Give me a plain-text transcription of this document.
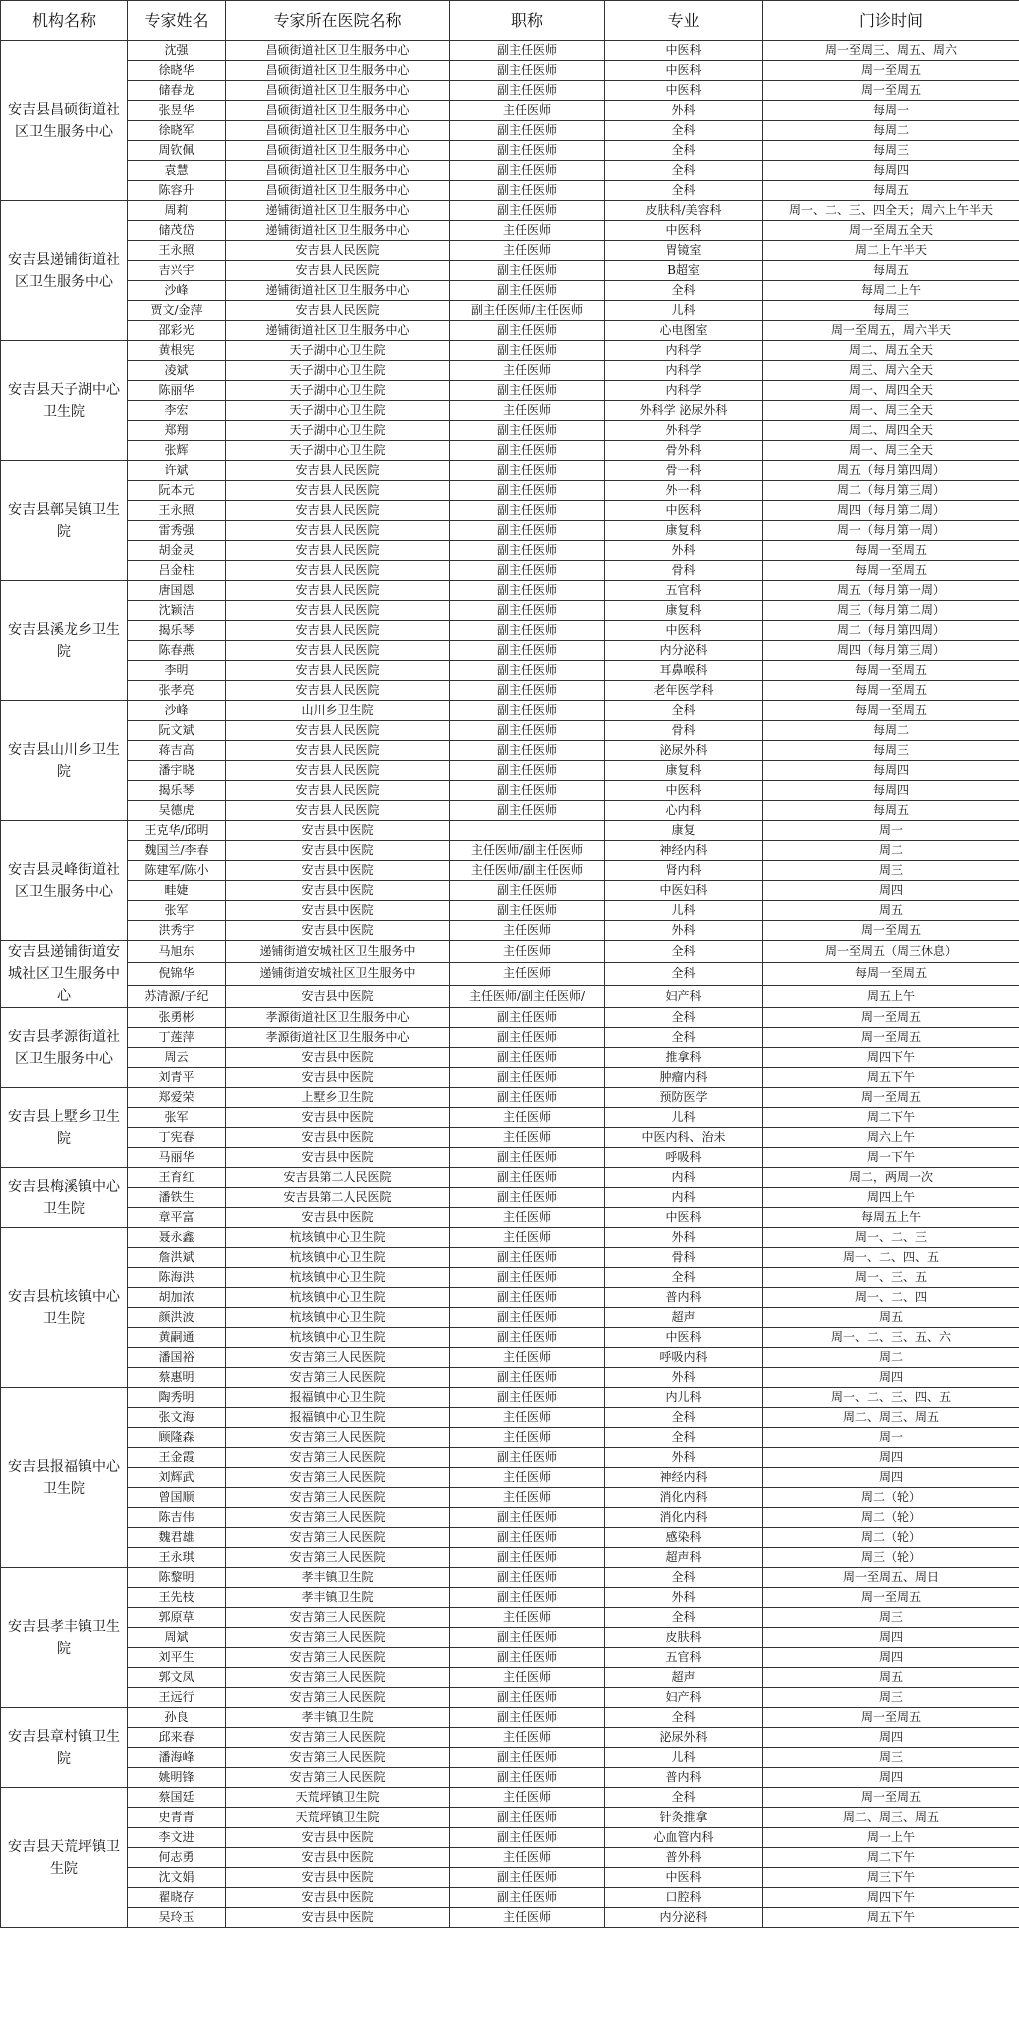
机构名称	专家姓名	专家所在医院名称	职称	专业	门诊时间
安吉县昌硕街道社区卫生服务中心	沈强	昌硕街道社区卫生服务中心	副主任医师	中医科	周一至周三、周五、周六
	徐晓华	昌硕街道社区卫生服务中心	副主任医师	中医科	周一至周五
	储春龙	昌硕街道社区卫生服务中心	副主任医师	中医科	周一至周五
	张昱华	昌硕街道社区卫生服务中心	主任医师	外科	每周一
	徐晓军	昌硕街道社区卫生服务中心	副主任医师	全科	每周二
	周钦佩	昌硕街道社区卫生服务中心	副主任医师	全科	每周三
	袁慧	昌硕街道社区卫生服务中心	副主任医师	全科	每周四
	陈容升	昌硕街道社区卫生服务中心	副主任医师	全科	每周五
安吉县递铺街道社区卫生服务中心	周莉	递铺街道社区卫生服务中心	副主任医师	皮肤科/美容科	周一、二、三、四全天；周六上午半天
	储茂岱	递铺街道社区卫生服务中心	主任医师	中医科	周一至周五全天
	王永照	安吉县人民医院	主任医师	胃镜室	周二上午半天
	吉兴宇	安吉县人民医院	副主任医师	B超室	每周五
	沙峰	递铺街道社区卫生服务中心	副主任医师	全科	每周二上午
	贾文/金萍	安吉县人民医院	副主任医师/主任医师	儿科	每周三
	邵彩光	递铺街道社区卫生服务中心	副主任医师	心电图室	周一至周五，周六半天
安吉县天子湖中心卫生院	黄根宪	天子湖中心卫生院	副主任医师	内科学	周二、周五全天
	凌斌	天子湖中心卫生院	主任医师	内科学	周三、周六全天
	陈丽华	天子湖中心卫生院	副主任医师	内科学	周一、周四全天
	李宏	天子湖中心卫生院	主任医师	外科学 泌尿外科	周一、周三全天
	郑翔	天子湖中心卫生院	副主任医师	外科学	周二、周四全天
	张辉	天子湖中心卫生院	副主任医师	骨外科	周一、周三全天
安吉县鄣吴镇卫生院	许斌	安吉县人民医院	副主任医师	骨一科	周五（每月第四周）
	阮本元	安吉县人民医院	副主任医师	外一科	周二（每月第三周）
	王永照	安吉县人民医院	副主任医师	中医科	周四（每月第二周）
	雷秀强	安吉县人民医院	副主任医师	康复科	周一（每月第一周）
	胡金灵	安吉县人民医院	副主任医师	外科	每周一至周五
	吕金柱	安吉县人民医院	副主任医师	骨科	每周一至周五
安吉县溪龙乡卫生院	唐国恩	安吉县人民医院	副主任医师	五官科	周五（每月第一周）
	沈颖洁	安吉县人民医院	副主任医师	康复科	周三（每月第二周）
	揭乐琴	安吉县人民医院	副主任医师	中医科	周二（每月第四周）
	陈春燕	安吉县人民医院	副主任医师	内分泌科	周四（每月第三周）
	李明	安吉县人民医院	副主任医师	耳鼻喉科	每周一至周五
	张孝亮	安吉县人民医院	副主任医师	老年医学科	每周一至周五
安吉县山川乡卫生院	沙峰	山川乡卫生院	副主任医师	全科	每周一至周五
	阮文斌	安吉县人民医院	副主任医师	骨科	每周二
	蒋吉高	安吉县人民医院	副主任医师	泌尿外科	每周三
	潘宇晓	安吉县人民医院	副主任医师	康复科	每周四
	揭乐琴	安吉县人民医院	副主任医师	中医科	每周四
	吴德虎	安吉县人民医院	副主任医师	心内科	每周五
安吉县灵峰街道社区卫生服务中心	王克华/邱明	安吉县中医院		康复	周一
	魏国兰/李春	安吉县中医院	主任医师/副主任医师	神经内科	周二
	陈建军/陈小	安吉县中医院	主任医师/副主任医师	肾内科	周三
	畦婕	安吉县中医院	副主任医师	中医妇科	周四
	张军	安吉县中医院	副主任医师	儿科	周五
	洪秀宇	安吉县中医院	主任医师	外科	周一至周五
安吉县递铺街道安城社区卫生服务中心	马旭东	递铺街道安城社区卫生服务中	主任医师	全科	周一至周五（周三休息）
	倪锦华	递铺街道安城社区卫生服务中	主任医师	全科	每周一至周五
	苏清源/子纪	安吉县中医院	主任医师/副主任医师/	妇产科	周五上午
安吉县孝源街道社区卫生服务中心	张勇彬	孝源街道社区卫生服务中心	副主任医师	全科	周一至周五
	丁莲萍	孝源街道社区卫生服务中心	副主任医师	全科	周一至周五
	周云	安吉县中医院	副主任医师	推拿科	周四下午
	刘青平	安吉县中医院	副主任医师	肿瘤内科	周五下午
安吉县上墅乡卫生院	郑爱荣	上墅乡卫生院	副主任医师	预防医学	周一至周五
	张军	安吉县中医院	主任医师	儿科	周二下午
	丁宪春	安吉县中医院	主任医师	中医内科、治未	周六上午
	马丽华	安吉县中医院	副主任医师	呼吸科	周一下午
安吉县梅溪镇中心卫生院	王育红	安吉县第二人民医院	副主任医师	内科	周二，两周一次
	潘铁生	安吉县第二人民医院	副主任医师	内科	周四上午
	章平富	安吉县中医院	主任医师	中医科	每周五上午
安吉县杭垓镇中心卫生院	聂永鑫	杭垓镇中心卫生院	主任医师	外科	周一、二、三
	詹洪斌	杭垓镇中心卫生院	副主任医师	骨科	周一、二、四、五
	陈海洪	杭垓镇中心卫生院	副主任医师	全科	周一、三、五
	胡加浓	杭垓镇中心卫生院	副主任医师	普内科	周一、二、四
	颜洪波	杭垓镇中心卫生院	副主任医师	超声	周五
	黄嗣通	杭垓镇中心卫生院	副主任医师	中医科	周一、二、三、五、六
	潘国裕	安吉第三人民医院	主任医师	呼吸内科	周二
	蔡惠明	安吉第三人民医院	副主任医师	外科	周四
安吉县报福镇中心卫生院	陶秀明	报福镇中心卫生院	副主任医师	内儿科	周一、二、三、四、五
	张文海	报福镇中心卫生院	主任医师	全科	周二、周三、周五
	顾隆森	安吉第三人民医院	主任医师	全科	周一
	王金霞	安吉第三人民医院	副主任医师	外科	周四
	刘辉武	安吉第三人民医院	主任医师	神经内科	周四
	曾国顺	安吉第三人民医院	主任医师	消化内科	周二（轮）
	陈吉伟	安吉第三人民医院	副主任医师	消化内科	周二（轮）
	魏君雄	安吉第三人民医院	副主任医师	感染科	周二（轮）
	王永琪	安吉第三人民医院	副主任医师	超声科	周三（轮）
安吉县孝丰镇卫生院	陈黎明	孝丰镇卫生院	副主任医师	全科	周一至周五、周日
	王先枝	孝丰镇卫生院	副主任医师	外科	周一至周五
	郭原草	安吉第三人民医院	主任医师	全科	周三
	周斌	安吉第三人民医院	副主任医师	皮肤科	周四
	刘平生	安吉第三人民医院	副主任医师	五官科	周四
	郭文凤	安吉第三人民医院	主任医师	超声	周五
	王远行	安吉第三人民医院	副主任医师	妇产科	周三
安吉县章村镇卫生院	孙良	孝丰镇卫生院	副主任医师	全科	周一至周五
	邱来春	安吉第三人民医院	主任医师	泌尿外科	周四
	潘海峰	安吉第三人民医院	副主任医师	儿科	周三
	姚明锋	安吉第三人民医院	副主任医师	普内科	周四
安吉县天荒坪镇卫生院	蔡国廷	天荒坪镇卫生院	主任医师	全科	周一至周五
	史青青	天荒坪镇卫生院	副主任医师	针灸推拿	周二、周三、周五
	李文进	安吉县中医院	副主任医师	心血管内科	周一上午
	何志勇	安吉县中医院	主任医师	普外科	周二下午
	沈文娟	安吉县中医院	副主任医师	中医科	周三下午
	翟晓存	安吉县中医院	副主任医师	口腔科	周四下午
	吴玲玉	安吉县中医院	主任医师	内分泌科	周五下午
